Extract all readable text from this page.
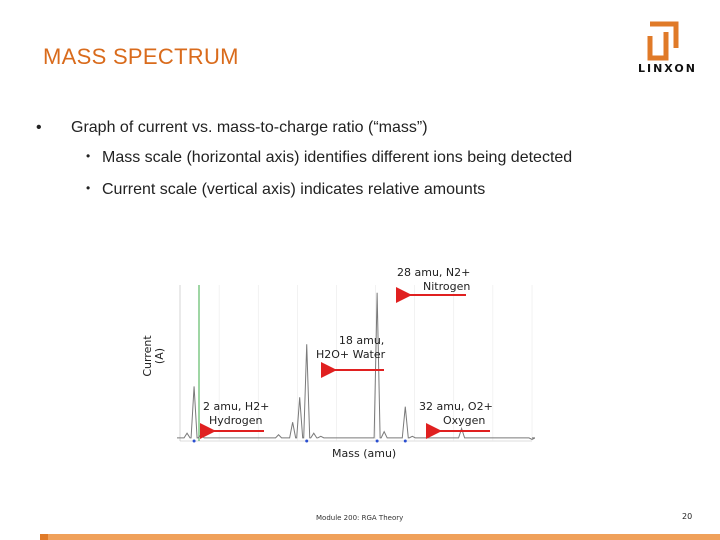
MASS SPECTRUM	LINXON
• Graph of current vs. mass-to-charge ratio (“mass”)
• Mass scale (horizontal axis) identifies different ions being detected
• Current scale (vertical axis) indicates relative amounts
28 amu, N2+
Nitrogen
18 amu,
H2O+ Water
2 amu, H2+
Hydrogen
32 amu, O2+
Oxygen
Mass (amu)
Current (A)
Module 200: RGA Theory	20
